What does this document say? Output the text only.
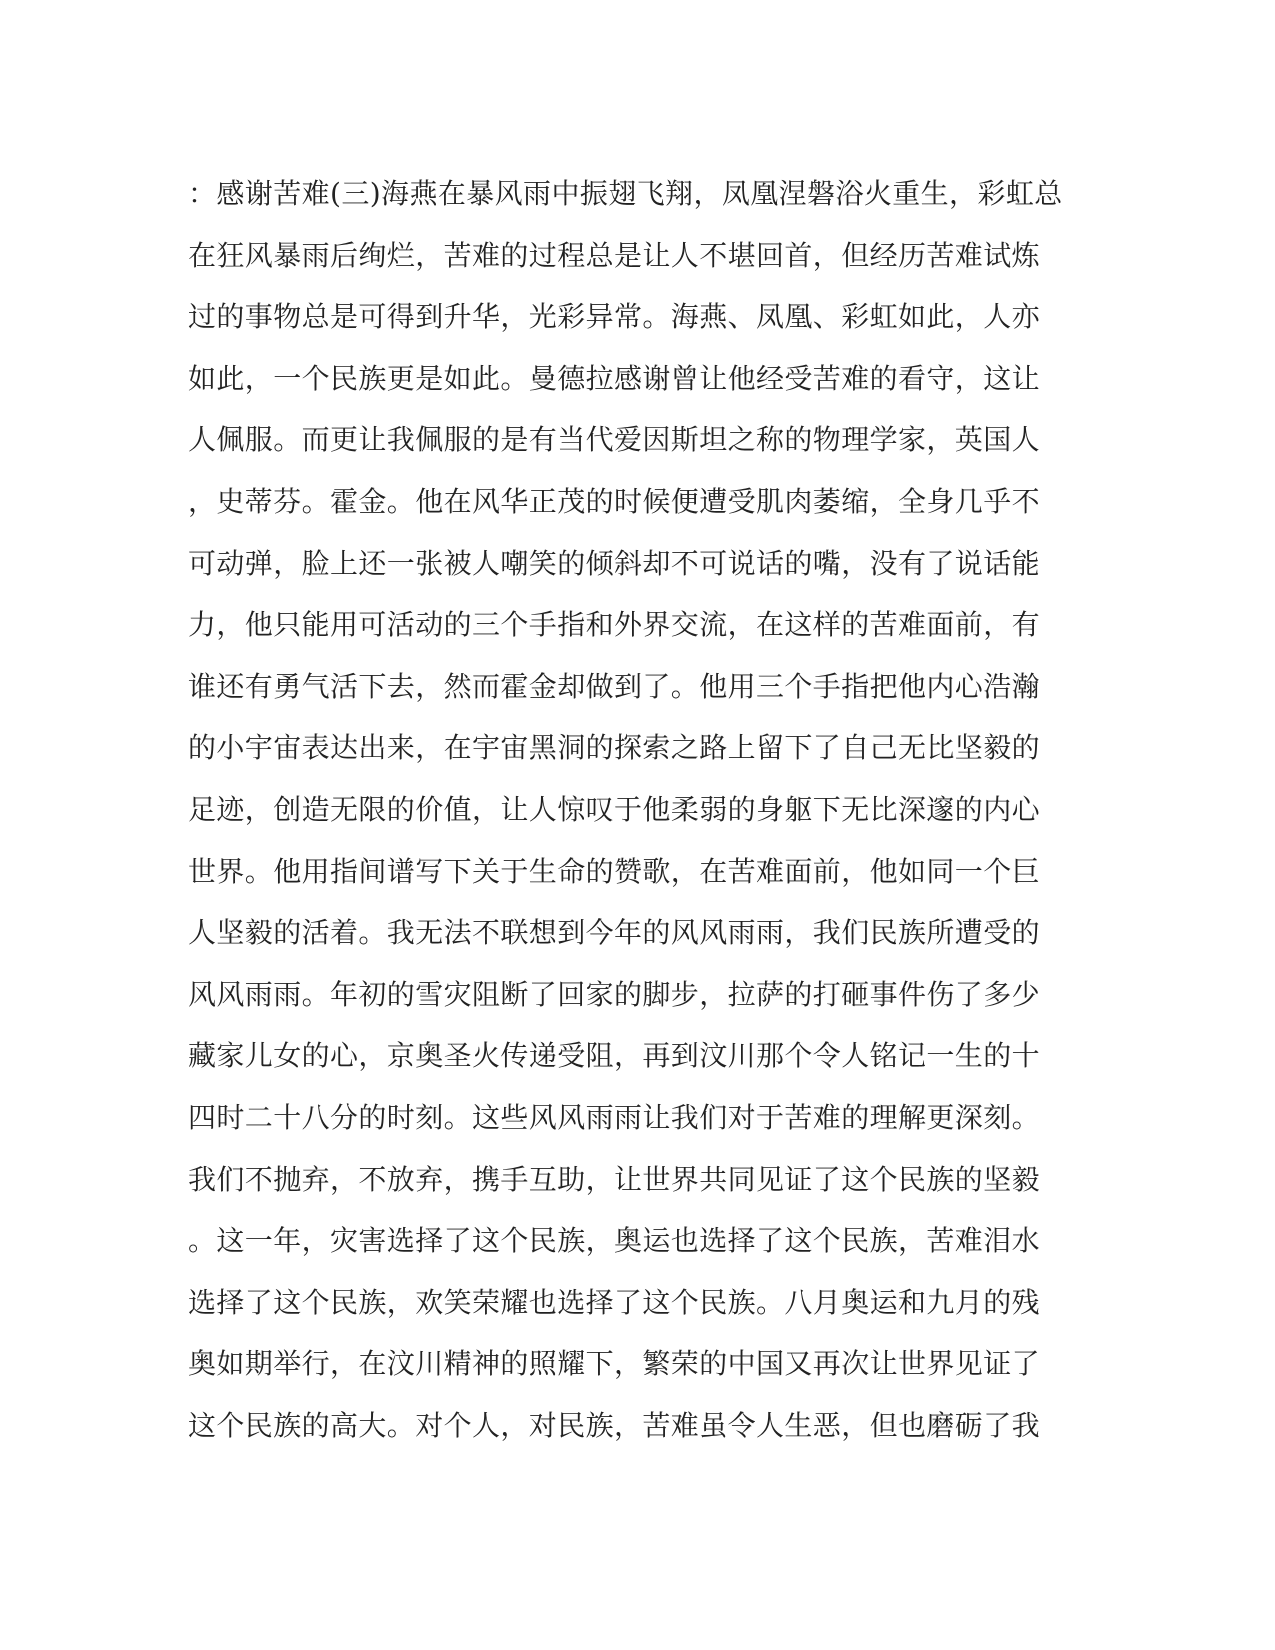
：感谢苦难(三)海燕在暴风雨中振翅飞翔，凤凰涅磐浴火重生，彩虹总
在狂风暴雨后绚烂，苦难的过程总是让人不堪回首，但经历苦难试炼
过的事物总是可得到升华，光彩异常。海燕、凤凰、彩虹如此，人亦
如此，一个民族更是如此。曼德拉感谢曾让他经受苦难的看守，这让
人佩服。而更让我佩服的是有当代爱因斯坦之称的物理学家，英国人
，史蒂芬。霍金。他在风华正茂的时候便遭受肌肉萎缩，全身几乎不
可动弹，脸上还一张被人嘲笑的倾斜却不可说话的嘴，没有了说话能
力，他只能用可活动的三个手指和外界交流，在这样的苦难面前，有
谁还有勇气活下去，然而霍金却做到了。他用三个手指把他内心浩瀚
的小宇宙表达出来，在宇宙黑洞的探索之路上留下了自己无比坚毅的
足迹，创造无限的价值，让人惊叹于他柔弱的身躯下无比深邃的内心
世界。他用指间谱写下关于生命的赞歌，在苦难面前，他如同一个巨
人坚毅的活着。我无法不联想到今年的风风雨雨，我们民族所遭受的
风风雨雨。年初的雪灾阻断了回家的脚步，拉萨的打砸事件伤了多少
藏家儿女的心，京奥圣火传递受阻，再到汶川那个令人铭记一生的十
四时二十八分的时刻。这些风风雨雨让我们对于苦难的理解更深刻。
我们不抛弃，不放弃，携手互助，让世界共同见证了这个民族的坚毅
。这一年，灾害选择了这个民族，奥运也选择了这个民族，苦难泪水
选择了这个民族，欢笑荣耀也选择了这个民族。八月奥运和九月的残
奥如期举行，在汶川精神的照耀下，繁荣的中国又再次让世界见证了
这个民族的高大。对个人，对民族，苦难虽令人生恶，但也磨砺了我
